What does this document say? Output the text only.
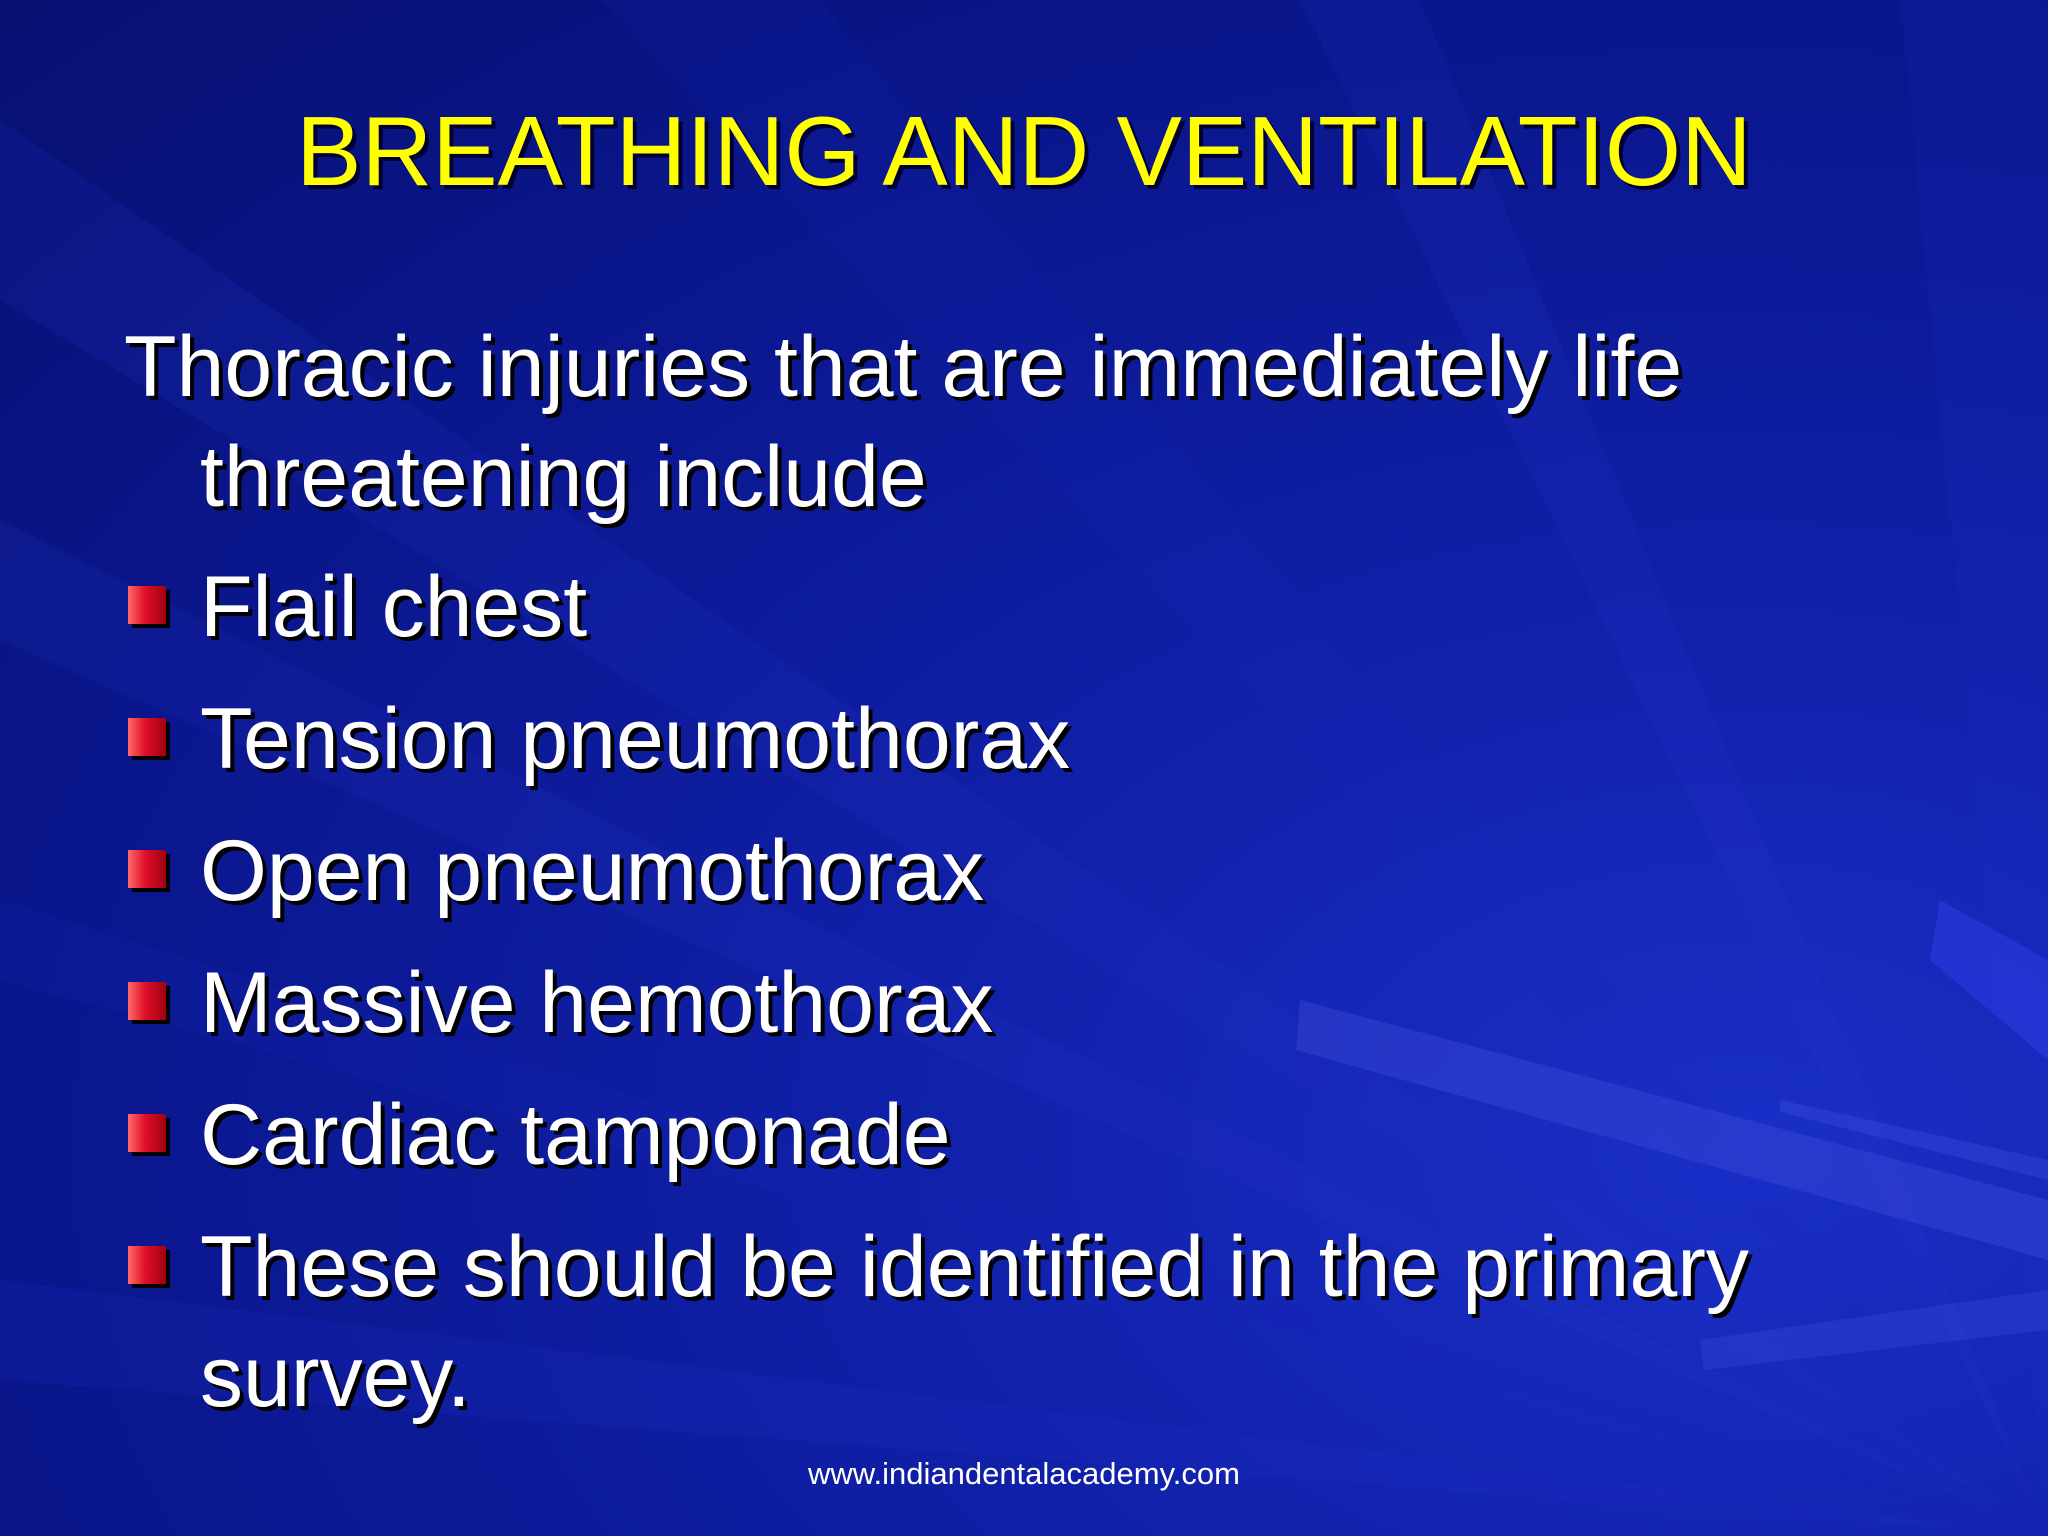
BREATHING AND VENTILATION

Thoracic injuries that are immediately life threatening include

Flail chest
Tension pneumothorax
Open pneumothorax
Massive hemothorax
Cardiac tamponade
These should be identified in the primary survey.
www.indiandentalacademy.com
